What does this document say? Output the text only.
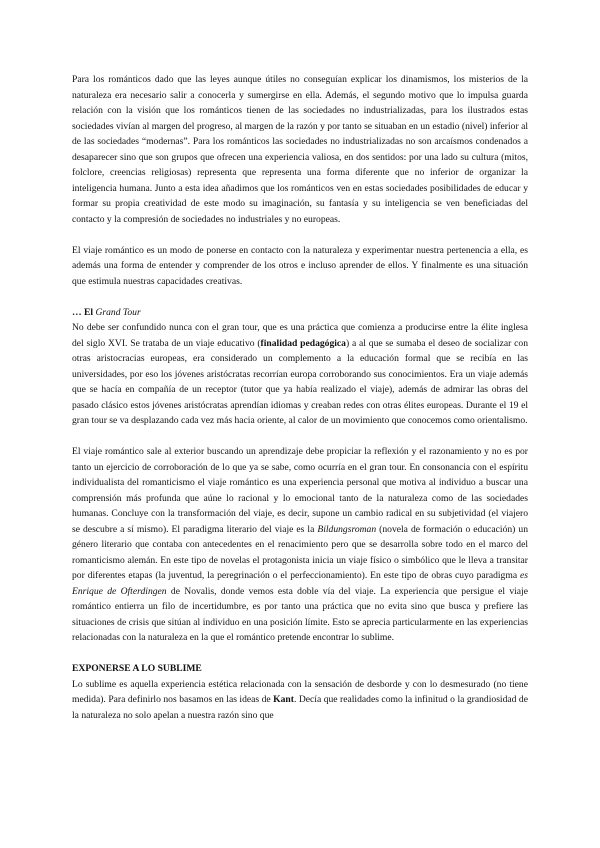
Para los románticos dado que las leyes aunque útiles no conseguían explicar los dinamismos, los misterios de la naturaleza era necesario salir a conocerla y sumergirse en ella. Además, el segundo motivo que lo impulsa guarda relación con la visión que los románticos tienen de las sociedades no industrializadas, para los ilustrados estas sociedades vivían al margen del progreso, al margen de la razón y por tanto se situaban en un estadio (nivel) inferior al de las sociedades “modernas”. Para los románticos las sociedades no industrializadas no son arcaísmos condenados a desaparecer sino que son grupos que ofrecen una experiencia valiosa, en dos sentidos: por una lado su cultura (mitos, folclore, creencias religiosas) representa que representa una forma diferente que no inferior de organizar la inteligencia humana. Junto a esta idea añadimos que los románticos ven en estas sociedades posibilidades de educar y formar su propia creatividad de este modo su imaginación, su fantasía y su inteligencia se ven beneficiadas del contacto y la compresión de sociedades no industriales y no europeas.

El viaje romántico es un modo de ponerse en contacto con la naturaleza y experimentar nuestra pertenencia a ella, es además una forma de entender y comprender de los otros e incluso aprender de ellos. Y finalmente es una situación que estimula nuestras capacidades creativas.

… El Grand Tour

No debe ser confundido nunca con el gran tour, que es una práctica que comienza a producirse entre la élite inglesa del siglo XVI. Se trataba de un viaje educativo (finalidad pedagógica) a al que se sumaba el deseo de socializar con otras aristocracias europeas, era considerado un complemento a la educación formal que se recibía en las universidades, por eso los jóvenes aristócratas recorrían europa corroborando sus conocimientos. Era un viaje además que se hacía en compañía de un receptor (tutor que ya había realizado el viaje), además de admirar las obras del pasado clásico estos jóvenes aristócratas aprendían idiomas y creaban redes con otras élites europeas. Durante el 19 el gran tour se va desplazando cada vez más hacia oriente, al calor de un movimiento que conocemos como orientalismo.

El viaje romántico sale al exterior buscando un aprendizaje debe propiciar la reflexión y el razonamiento y no es por tanto un ejercicio de corroboración de lo que ya se sabe, como ocurría en el gran tour. En consonancia con el espíritu individualista del romanticismo el viaje romántico es una experiencia personal que motiva al individuo a buscar una comprensión más profunda que aúne lo racional y lo emocional tanto de la naturaleza como de las sociedades humanas. Concluye con la transformación del viaje, es decir, supone un cambio radical en su subjetividad (el viajero se descubre a sí mismo). El paradigma literario del viaje es la Bildungsroman (novela de formación o educación) un género literario que contaba con antecedentes en el renacimiento pero que se desarrolla sobre todo en el marco del romanticismo alemán. En este tipo de novelas el protagonista inicia un viaje físico o simbólico que le lleva a transitar por diferentes etapas (la juventud, la peregrinación o el perfeccionamiento). En este tipo de obras cuyo paradigma es Enrique de Ofterdingen de Novalis, donde vemos esta doble vía del viaje. La experiencia que persigue el viaje romántico entierra un filo de incertidumbre, es por tanto una práctica que no evita sino que busca y prefiere las situaciones de crisis que sitúan al individuo en una posición límite. Esto se aprecia particularmente en las experiencias relacionadas con la naturaleza en la que el romántico pretende encontrar lo sublime.

EXPONERSE A LO SUBLIME

Lo sublime es aquella experiencia estética relacionada con la sensación de desborde y con lo desmesurado (no tiene medida). Para definirlo nos basamos en las ideas de Kant. Decía que realidades como la infinitud o la grandiosidad de la naturaleza no solo apelan a nuestra razón sino que
